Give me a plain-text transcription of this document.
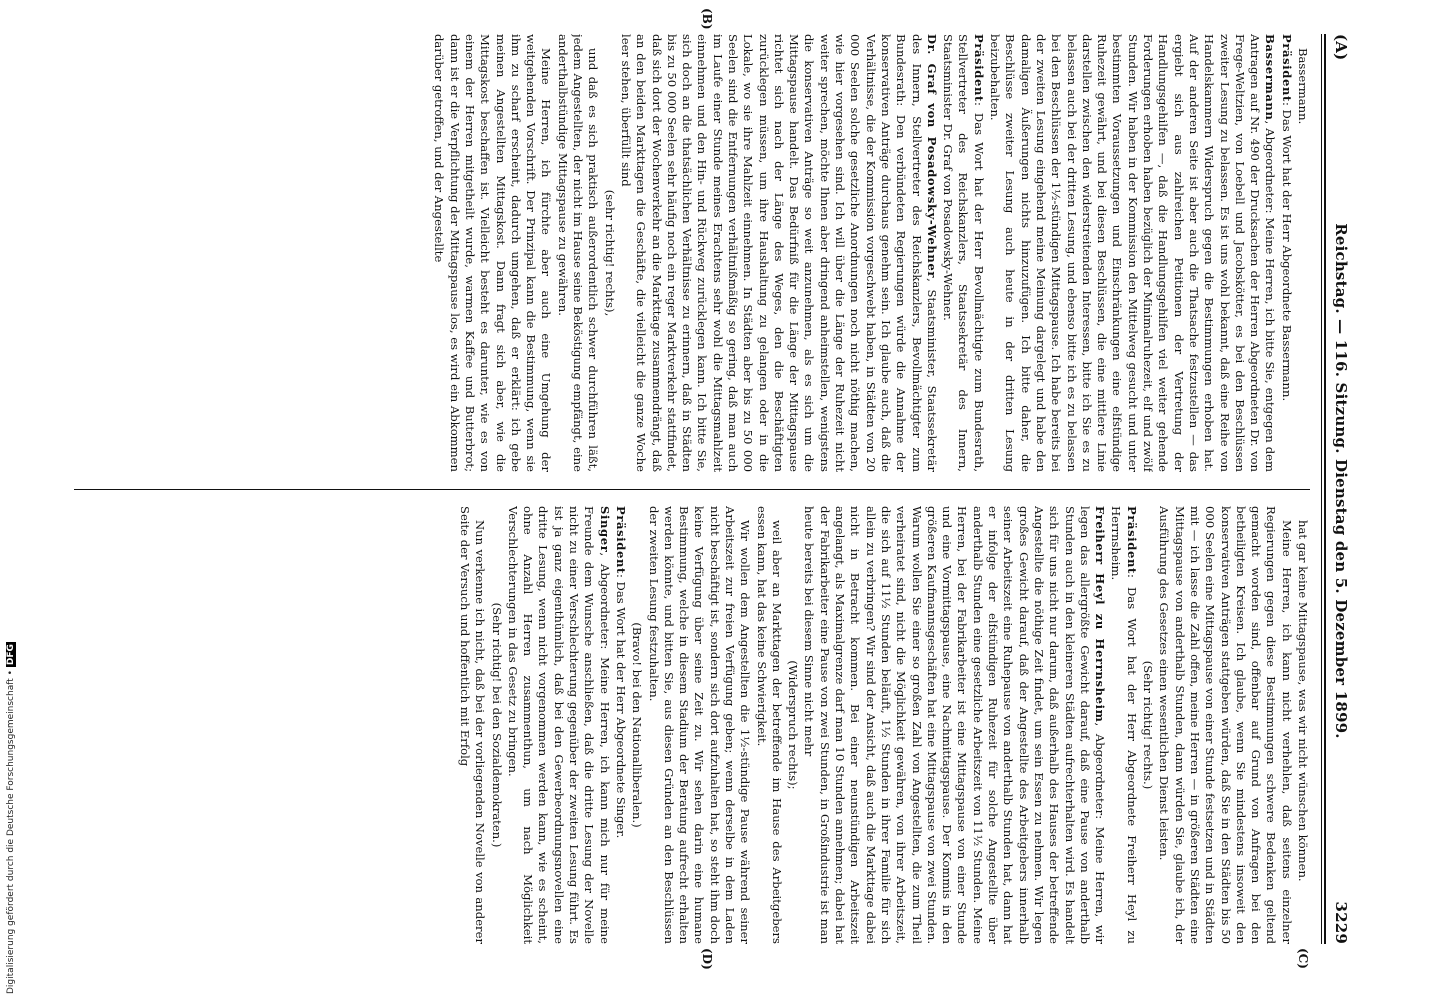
(A)
Reichstag. — 116. Sitzung. Dienstag den 5. Dezember 1899.
3229

Bassermann.

Präsident: Das Wort hat der Herr Abgeordnete Bassermann.

Bassermann, Abgeordneter: Meine Herren, ich bitte Sie, entgegen dem Antragen auf Nr. 490 der Drucksachen der Herren Abgeordneten Dr. von Frege-Weltzien, von Loebell und Jacobskötter, es bei den Beschlüssen zweiter Lesung zu belassen. Es ist uns wohl bekannt, daß eine Reihe von Handelskammern Widerspruch gegen die Bestimmungen erhoben hat. Auf der anderen Seite ist aber auch die Thatsache festzustellen — das ergiebt sich aus zahlreichen Petitionen der Vertretung der Handlungsgehilfen —, daß die Handlungsgehilfen viel weiter gehende Forderungen erhoben haben bezüglich der Minimalruhezeit, elf und zwölf Stunden. Wir haben in der Kommission den Mittelweg gesucht und unter bestimmten Voraussetzungen und Einschränkungen eine elfstündige Ruhezeit gewährt, und bei diesen Beschlüssen, die eine mittlere Linie darstellen zwischen den widerstreitenden Interessen, bitte ich Sie es zu belassen auch bei der dritten Lesung, und ebenso bitte ich es zu belassen bei den Beschlüssen der 1½-stündigen Mittagspause. Ich habe bereits bei der zweiten Lesung eingehend meine Meinung dargelegt und habe den damaligen Äußerungen nichts hinzuzufügen. Ich bitte daher, die Beschlüsse zweiter Lesung auch heute in der dritten Lesung beizubehalten.

Präsident: Das Wort hat der Herr Bevollmächtigte zum Bundesrath, Stellvertreter des Reichskanzlers, Staatssekretär des Innern, Staatsminister Dr. Graf von Posadowsky-Wehner.

Dr. Graf von Posadowsky-Wehner, Staatsminister, Staatssekretär des Innern, Stellvertreter des Reichskanzlers, Bevollmächtigter zum Bundesrath: Den verbündeten Regierungen würde die Annahme der konservativen Anträge durchaus genehm sein. Ich glaube auch, daß die Verhältnisse, die der Kommission vorgeschwebt haben, in Städten von 20 000 Seelen solche gesetzliche Anordnungen noch nicht nöthig machen, wie hier vorgesehen sind. Ich will über die Länge der Ruhezeit nicht weiter sprechen, möchte Ihnen aber dringend anheimstellen, wenigstens die konservativen Anträge so weit anzunehmen, als es sich um die Mittagspause handelt. Das Bedürfniß für die Länge der Mittagspause richtet sich nach der Länge des Weges, den die Beschäftigten zurücklegen müssen, um ihre Haushaltung zu gelangen oder in die Lokale, wo sie ihre Mahlzeit einnehmen. In Städten aber bis zu 50 000 Seelen sind die Entfernungen verhältnißmäßig so gering, daß man auch im Laufe einer Stunde meines Erachtens sehr wohl die Mittagsmahlzeit einnehmen und den Hin- und Rückweg zurücklegen kann. Ich bitte Sie, sich doch an die thatsächlichen Verhältnisse zu erinnern, daß in Städten bis zu 50 000 Seelen sehr häufig noch ein reger Marktverkehr stattfindet, daß sich dort der Wochenverkehr an die Markttage zusammendrängt, daß an den beiden Markttagen die Geschäfte, die vielleicht die ganze Woche leer stehen, überfüllt sind

(sehr richtig! rechts),

und daß es sich praktisch außerordentlich schwer durchführen läßt, jedem Angestellten, der nicht im Hause seine Beköstigung empfängt, eine anderthalbstündige Mittagspause zu gewähren.

Meine Herren, ich fürchte aber auch eine Umgehung der weitgehenden Vorschrift. Der Prinzipal kann die Bestimmung, wenn sie ihm zu scharf erscheint, dadurch umgehen, daß er erklärt: ich gebe meinen Angestellten Mittagskost. Dann fragt sich aber, wie die Mittagskost beschaffen ist. Vielleicht besteht es darunter, wie es von einem der Herren mitgetheilt wurde, warmen Kaffee und Butterbrot; dann ist er die Verpflichtung der Mittagspause los, es wird ein Abkommen darüber getroffen, und der Angestellte

hat gar keine Mittagspause, was wir nicht wünschen können.

Meine Herren, ich kann nicht verhehlen, daß seitens einzelner Regierungen gegen diese Bestimmungen schwere Bedenken geltend gemacht worden sind, offenbar auf Grund von Anfragen bei den betheiligten Kreisen. Ich glaube, wenn Sie mindestens insoweit den konservativen Anträgen stattgeben würden, daß Sie in den Städten bis 50 000 Seelen eine Mittagspause von einer Stunde festsetzen und in Städten mit — ich lasse die Zahl offen, meine Herren — in größeren Städten eine Mittagspause von anderthalb Stunden, dann würden Sie, glaube ich, der Ausführung des Gesetzes einen wesentlichen Dienst leisten.

(Sehr richtig! rechts.)

Präsident: Das Wort hat der Herr Abgeordnete Freiherr Heyl zu Herrnsheim.

Freiherr Heyl zu Herrnsheim, Abgeordneter: Meine Herren, wir legen das allergrößte Gewicht darauf, daß eine Pause von anderthalb Stunden auch in den kleineren Städten aufrechterhalten wird. Es handelt sich für uns nicht nur darum, daß außerhalb des Hauses der betreffende Angestellte die nöthige Zeit findet, um sein Essen zu nehmen. Wir legen großes Gewicht darauf, daß der Angestellte des Arbeitgebers innerhalb seiner Arbeitszeit eine Ruhepause von anderthalb Stunden hat, dann hat er infolge der elfstündigen Ruhezeit für solche Angestellte über anderthalb Stunden eine gesetzliche Arbeitszeit von 11½ Stunden. Meine Herren, bei der Fabrikarbeiter ist eine Mittagspause von einer Stunde und eine Vormittagspause, eine Nachmittagspause. Der Kommis in den größeren Kaufmannsgeschäften hat eine Mittagspause von zwei Stunden. Warum wollen Sie einer so großen Zahl von Angestellten, die zum Theil verheiratet sind, nicht die Möglichkeit gewähren, von ihrer Arbeitszeit, die sich auf 11½ Stunden beläuft, 1½ Stunden in ihrer Familie für sich allein zu verbringen? Wir sind der Ansicht, daß auch die Markttage dabei nicht in Betracht kommen. Bei einer neunstündigen Arbeitszeit angelangt, als Maximalgrenze darf man 10 Stunden annehmen; dabei hat der Fabrikarbeiter eine Pause von zwei Stunden, in Großindustrie ist man heute bereits bei diesem Sinne nicht mehr

(Widerspruch rechts);

weil aber an Markttagen der betreffende im Hause des Arbeitgebers essen kann, hat das keine Schwierigkeit.

Wir wollen dem Angestellten die 1½-stündige Pause während seiner Arbeitszeit zur freien Verfügung geben; wenn derselbe in dem Laden nicht beschäftigt ist, sondern sich dort aufzuhalten hat, so steht ihm doch keine Verfügung über seine Zeit zu. Wir sehen darin eine humane Bestimmung, welche in diesem Stadium der Beratung aufrecht erhalten werden könnte, und bitten Sie, aus diesen Gründen an den Beschlüssen der zweiten Lesung festzuhalten.

(Bravo! bei den Nationalliberalen.)

Präsident: Das Wort hat der Herr Abgeordnete Singer.

Singer, Abgeordneter: Meine Herren, ich kann mich nur für meine Freunde dem Wunsche anschließen, daß die dritte Lesung der Novelle nicht zu einer Verschlechterung gegenüber der zweiten Lesung führt. Es ist ja ganz eigenthümlich, daß bei den Gewerbeordnungsnovellen eine dritte Lesung, wenn nicht vorgenommen werden kann, wie es scheint, ohne Anzahl Herren zusammenthun, um nach Möglichkeit Verschlechterungen in das Gesetz zu bringen.

(Sehr richtig! bei den Sozialdemokraten.)

Nun verkenne ich nicht, daß bei der vorliegenden Novelle von anderer Seite der Versuch und hoffentlich mit Erfolg

(B)
(C)
(D)
Digitalisierung gefördert durch die Deutsche Forschungsgemeinschaft •DFG
